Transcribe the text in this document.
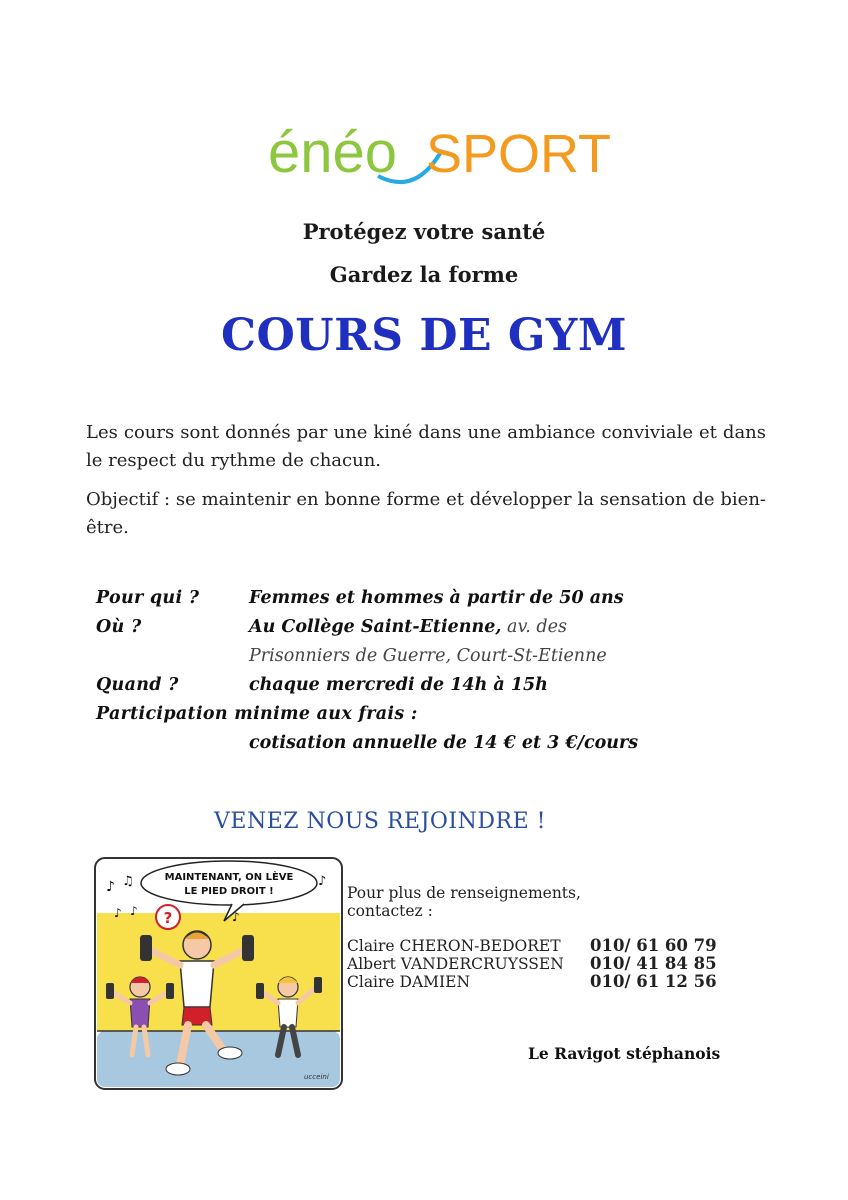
énéo SPORT
Protégez votre santé
Gardez la forme
COURS DE GYM
Les cours sont donnés par une kiné dans une ambiance conviviale et dans le respect du rythme de chacun.
Objectif : se maintenir en bonne forme et développer la sensation de bien-être.
Pour qui ?	Femmes et hommes à partir de 50 ans
Où ?	Au Collège Saint-Etienne, av. des
Prisonniers de Guerre, Court-St-Etienne
Quand ?	chaque mercredi de 14h à 15h
Participation minime aux frais :
cotisation annuelle de 14 € et 3 €/cours
VENEZ NOUS REJOINDRE !
MAINTENANT, ON LÈVE
LE PIED DROIT !
♪ ♫
♪ ♪	♪
♪
?
ucceini
Pour plus de renseignements,
contactez :
Claire CHERON-BEDORET 010/ 61 60 79
Albert VANDERCRUYSSEN 010/ 41 84 85
Claire DAMIEN	010/ 61 12 56
Le Ravigot stéphanois
